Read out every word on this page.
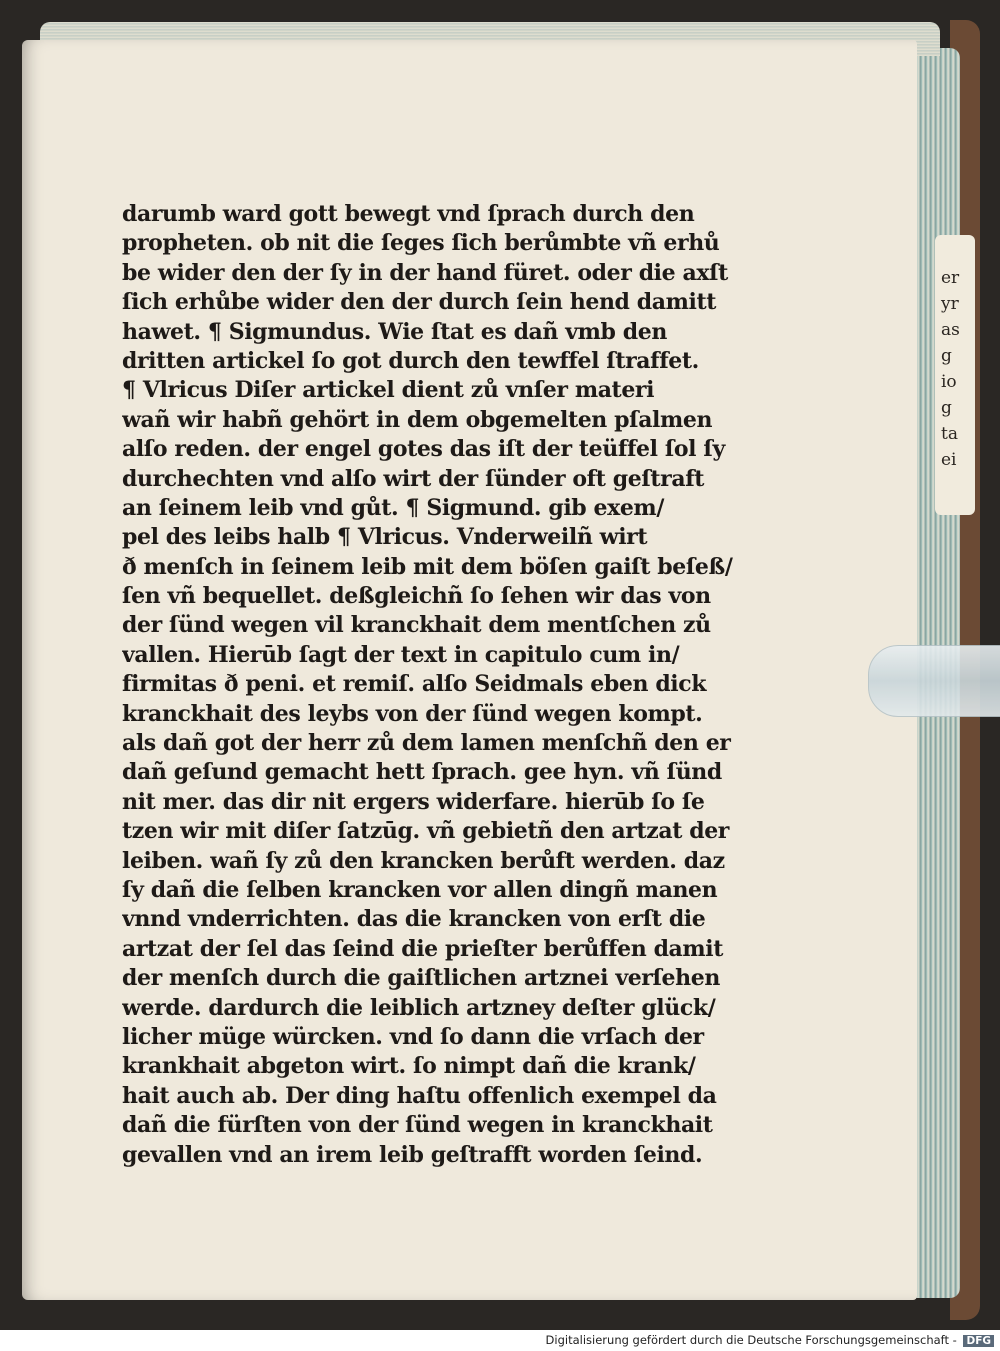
er
yr
as
g
io
g
ta
ei
darumb ward gott bewegt vnd ſprach durch den
propheten. ob nit die ſeges ſich berůmbte vñ erhů
be wider den der ſy in der hand füret. oder die axſt
ſich erhůbe wider den der durch ſein hend damitt
hawet. ¶ Sigmundus. Wie ſtat es dañ vmb den
dritten artickel ſo got durch den tewffel ſtraffet.
¶ Vlricus Diſer artickel dient zů vnſer materi
wañ wir habñ gehört in dem obgemelten pſalmen
alſo reden. der engel gotes das iſt der teüffel ſol ſy
durchechten vnd alſo wirt der ſünder oft geſtraft
an ſeinem leib vnd gůt. ¶ Sigmund. gib exem/
pel des leibs halb ¶ Vlricus. Vnderweilñ wirt
ð menſch in ſeinem leib mit dem böſen gaiſt beſeß/
ſen vñ bequellet. deßgleichñ ſo ſehen wir das von
der ſünd wegen vil kranckhait dem mentſchen zů
vallen. Hierūb ſagt der text in capitulo cum in/
firmitas ð peni. et remiſ. alſo Seidmals eben dick
kranckhait des leybs von der ſünd wegen kompt.
als dañ got der herr zů dem lamen menſchñ den er
dañ geſund gemacht hett ſprach. gee hyn. vñ ſünd
nit mer. das dir nit ergers widerfare. hierūb ſo ſe
tzen wir mit diſer ſatzūg. vñ gebietñ den artzat der
leiben. wañ ſy zů den krancken berůft werden. daz
ſy dañ die ſelben krancken vor allen dingñ manen
vnnd vnderrichten. das die krancken von erſt die
artzat der ſel das ſeind die prieſter berůffen damit
der menſch durch die gaiſtlichen artznei verſehen
werde. dardurch die leiblich artzney deſter glück/
licher müge würcken. vnd ſo dann die vrſach der
krankhait abgeton wirt. ſo nimpt dañ die krank/
hait auch ab. Der ding haſtu offenlich exempel da
dañ die fürſten von der ſünd wegen in kranckhait
gevallen vnd an irem leib geſtrafft worden ſeind.
Digitalisierung gefördert durch die Deutsche Forschungsgemeinschaft - DFG
